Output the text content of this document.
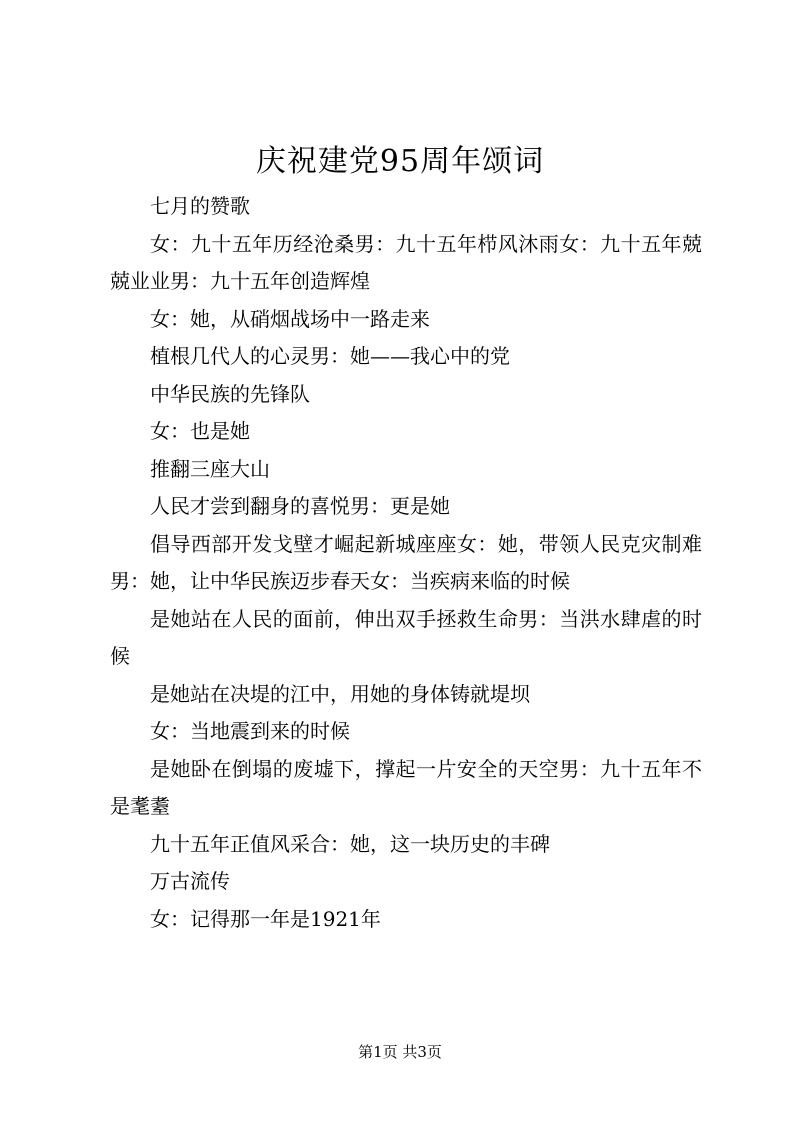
庆祝建党95周年颂词

七月的赞歌

女：九十五年历经沧桑男：九十五年栉风沐雨女：九十五年兢兢业业男：九十五年创造辉煌

女：她，从硝烟战场中一路走来

植根几代人的心灵男：她——我心中的党

中华民族的先锋队

女：也是她

推翻三座大山

人民才尝到翻身的喜悦男：更是她

倡导西部开发戈壁才崛起新城座座女：她，带领人民克灾制难男：她，让中华民族迈步春天女：当疾病来临的时候

是她站在人民的面前，伸出双手拯救生命男：当洪水肆虐的时候

是她站在决堤的江中，用她的身体铸就堤坝

女：当地震到来的时候

是她卧在倒塌的废墟下，撑起一片安全的天空男：九十五年不是耄耋

九十五年正值风采合：她，这一块历史的丰碑

万古流传

女：记得那一年是1921年

第1页 共3页
